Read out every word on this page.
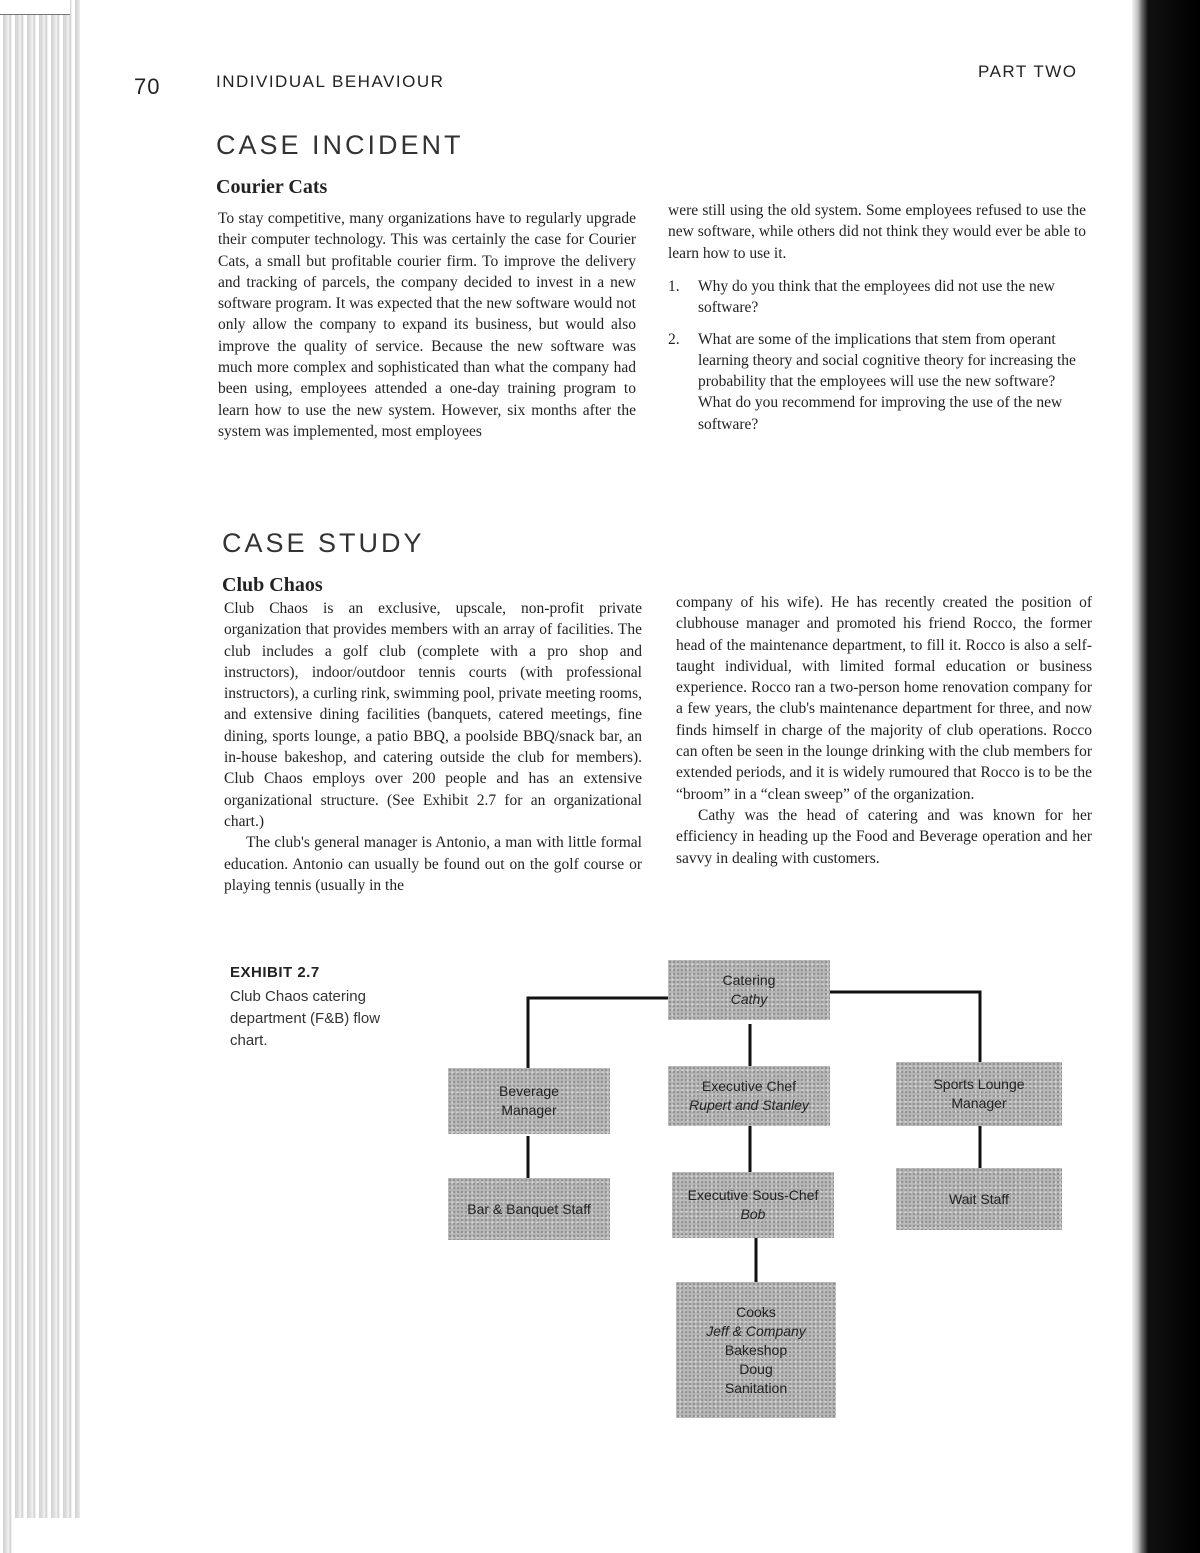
70	INDIVIDUAL BEHAVIOUR
PART TWO
CASE INCIDENT
Courier Cats

To stay competitive, many organizations have to regularly upgrade their computer technology. This was certainly the case for Courier Cats, a small but profitable courier firm. To improve the delivery and tracking of parcels, the company decided to invest in a new software program. It was expected that the new software would not only allow the company to expand its business, but would also improve the quality of service. Because the new software was much more complex and sophisticated than what the company had been using, employees attended a one-day training program to learn how to use the new system. However, six months after the system was implemented, most employees

were still using the old system. Some employees refused to use the new software, while others did not think they would ever be able to learn how to use it.

1. Why do you think that the employees did not use the new software?
2. What are some of the implications that stem from operant learning theory and social cognitive theory for increasing the probability that the employees will use the new software? What do you recommend for improving the use of the new software?
CASE STUDY
Club Chaos

Club Chaos is an exclusive, upscale, non-profit private organization that provides members with an array of facilities. The club includes a golf club (complete with a pro shop and instructors), indoor/outdoor tennis courts (with professional instructors), a curling rink, swimming pool, private meeting rooms, and extensive dining facilities (banquets, catered meetings, fine dining, sports lounge, a patio BBQ, a poolside BBQ/snack bar, an in-house bakeshop, and catering outside the club for members). Club Chaos employs over 200 people and has an extensive organizational structure. (See Exhibit 2.7 for an organizational chart.)

The club's general manager is Antonio, a man with little formal education. Antonio can usually be found out on the golf course or playing tennis (usually in the

company of his wife). He has recently created the position of clubhouse manager and promoted his friend Rocco, the former head of the maintenance department, to fill it. Rocco is also a self-taught individual, with limited formal education or business experience. Rocco ran a two-person home renovation company for a few years, the club's maintenance department for three, and now finds himself in charge of the majority of club operations. Rocco can often be seen in the lounge drinking with the club members for extended periods, and it is widely rumoured that Rocco is to be the “broom” in a “clean sweep” of the organization.

Cathy was the head of catering and was known for her efficiency in heading up the Food and Beverage operation and her savvy in dealing with customers.

EXHIBIT 2.7
Club Chaos catering department (F&B) flow chart.
Catering
Cathy
Beverage
Manager
Executive Chef
Rupert and Stanley
Sports Lounge
Manager
Bar & Banquet Staff
Executive Sous-Chef
Bob
Wait Staff
Cooks
Jeff & Company
Bakeshop
Doug
Sanitation
